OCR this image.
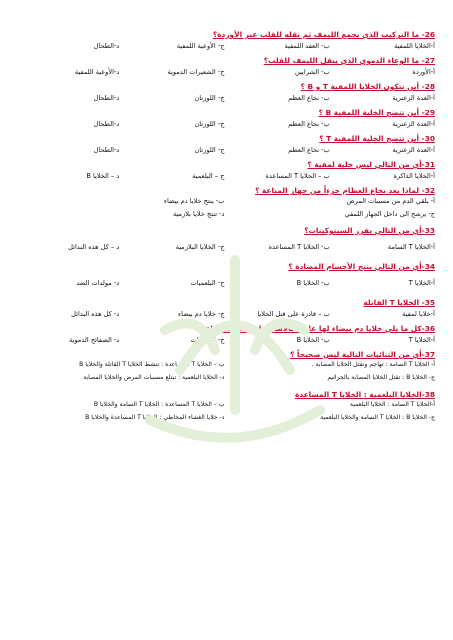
26- ما التركيب الذي يجمع الليمف ثم نقله للقلب عبر الأوردة؟
أ-الخلايا اللمفية
ب- العقد اللمفية
ج- الأوعية اللمفية
د-الطحال
27- ما الوعاء الدموي الذي ينقل الليمف للقلب؟
أ-الأوردة
ب- الشرايين
ج- الشعيرات الدموية
د-الأوعية اللمفية
28- أين تتكون الخلايا اللمفية T و B ؟
أ-الغدة الزعترية
ب- نخاع العظم
ج- اللوزتان
د-الطحال
29- أين تنضج الخلية اللمفية B ؟
أ-الغدة الزعترية
ب- نخاع العظم
ج- اللوزتان
د-الطحال
30- أين تنضج الخلية اللمفية T ؟
أ-الغدة الزعترية
ب- نخاع العظم
ج- اللوزتان
د-الطحال
31-أي من التالي ليس خلية لمفية ؟
أ-الخلايا الذاكرة
ب – الخلايا T المساعدة
ج – البلعمية
د – الخلايا B
32- لماذا يعد نخاع العظام جزءاً من جهاز المناعة ؟
أ- يلقي الدم من مسببات المرض
ب- ينتج خلايا دم بيضاء
ج- يرشح الى داخل الجهاز اللمفي
د- تنتج خلايا بلازمية
33-أي من التالي يفرز السيتوكينات؟
أ-الخلايا T السامة
ب- الخلايا T المساعدة
ج- الخلايا البلازمية
د – كل هذه البدائل
34-أي من التالي ينتج الأجسام المضادة ؟
أ-الخلايا T
ب- الخلايا B
ج- البلعميات
د- مولدات الضد
35- الخلايا T القاتلة
أ-خلايا لمفية
ب – قادرة على قتل الخلايا
ج- خلايا دم بيضاء
د- كل هذه البدائل
36-كل ما يلي خلايا دم بيضاء لها علاقة بالاستجابات المناعية ماعدا
أ-الخلايا T
ب- الخلايا B
ج- البلعميات
د- الصفائح الدموية
37-أي من الثنائيات التالية ليس صحيحاً ؟
أ- الخلايا T السامة : تهاجم وتقتل الخلايا المصابة .
ب – الخلايا T المساعدة : تنشط الخلايا T القاتلة والخلايا B
ج- الخلايا B : تقتل الخلايا المصابة بالجراثيم
د- الخلايا البلعمية : تبتلع مسببات المرض والخلايا المصابة
38-الخلايا البلعمية : الخلايا T المساعدة
أ-الخلايا T السامة : الخلايا البلعمية
ب – الخلايا T المساعدة : الخلايا T السامة والخلايا B
ج- الخلايا B : الخلايا T السامة والخلايا البلعمية
د- خلايا الغشاء المخاطي : الخلايا T المساعدة والخلايا B
